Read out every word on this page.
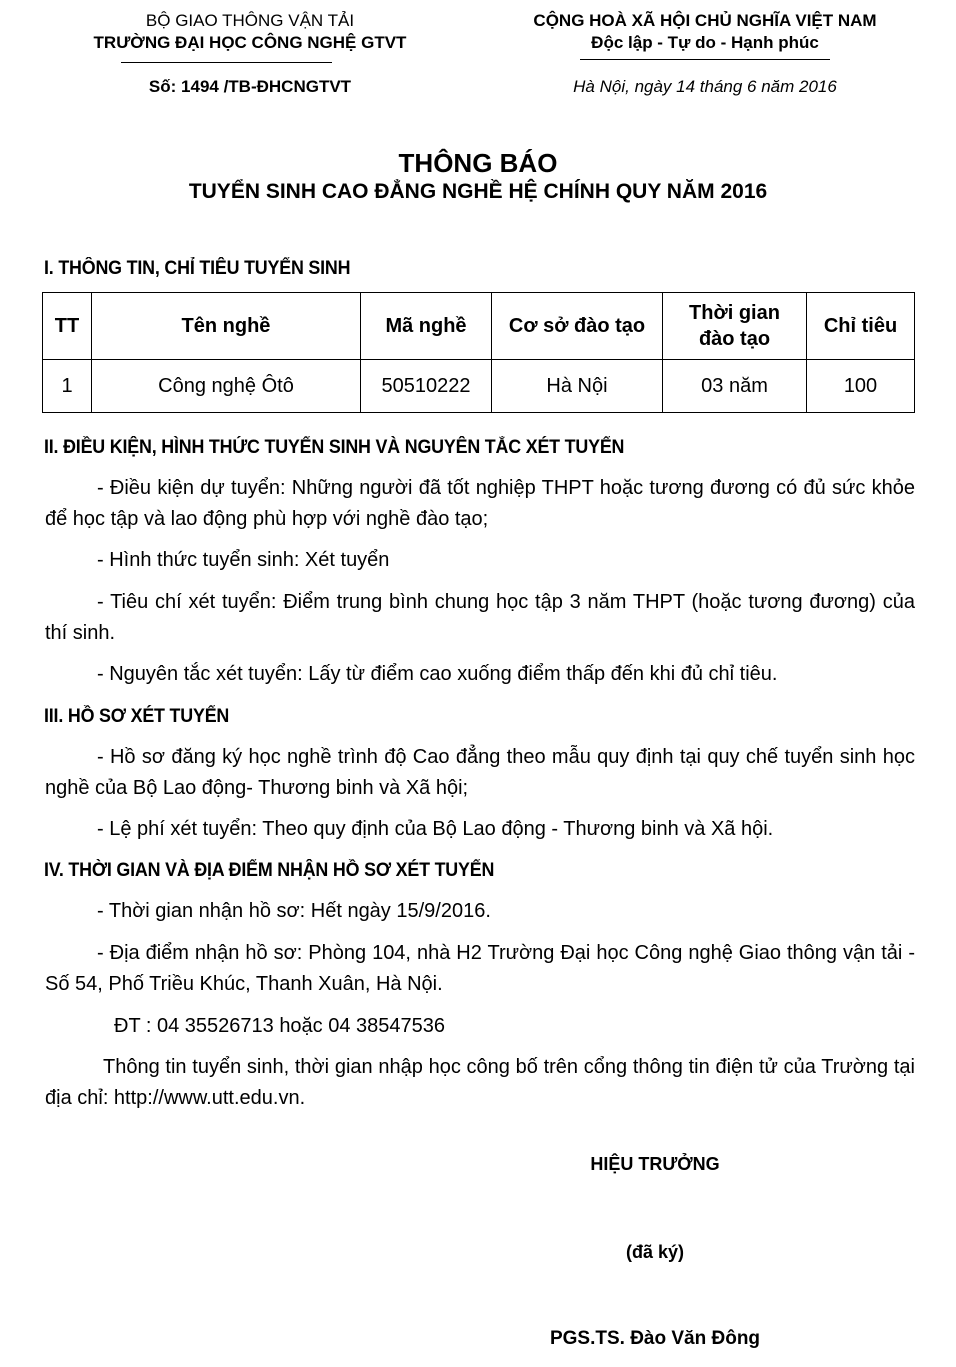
BỘ GIAO THÔNG VẬN TẢI
TRƯỜNG ĐẠI HỌC CÔNG NGHỆ GTVT
Số: 1494 /TB-ĐHCNGTVT
CỘNG HOÀ XÃ HỘI CHỦ NGHĨA VIỆT NAM
Độc lập - Tự do - Hạnh phúc
Hà Nội, ngày 14 tháng 6 năm 2016
THÔNG BÁO
TUYỂN SINH CAO ĐẲNG NGHỀ HỆ CHÍNH QUY NĂM 2016
I. THÔNG TIN, CHỈ TIÊU TUYỂN SINH
TT	Tên nghề	Mã nghề	Cơ sở đào tạo	Thời gian đào tạo	Chỉ tiêu
1	Công nghệ Ôtô	50510222	Hà Nội	03 năm	100
II. ĐIỀU KIỆN, HÌNH THỨC TUYỂN SINH VÀ NGUYÊN TẮC XÉT TUYỂN
- Điều kiện dự tuyển: Những người đã tốt nghiệp THPT hoặc tương đương có đủ sức khỏe để học tập và lao động phù hợp với nghề đào tạo;
- Hình thức tuyển sinh: Xét tuyển
- Tiêu chí xét tuyển: Điểm trung bình chung học tập 3 năm THPT (hoặc tương đương) của thí sinh.
- Nguyên tắc xét tuyển: Lấy từ điểm cao xuống điểm thấp đến khi đủ chỉ tiêu.
III. HỒ SƠ XÉT TUYỂN
- Hồ sơ đăng ký học nghề trình độ Cao đẳng theo mẫu quy định tại quy chế tuyển sinh học nghề của Bộ Lao động- Thương binh và Xã hội;
- Lệ phí xét tuyển: Theo quy định của Bộ Lao động - Thương binh và Xã hội.
IV. THỜI GIAN VÀ ĐỊA ĐIỂM NHẬN HỒ SƠ XÉT TUYỂN
- Thời gian nhận hồ sơ: Hết ngày 15/9/2016.
- Địa điểm nhận hồ sơ: Phòng 104, nhà H2 Trường Đại học Công nghệ Giao thông vận tải - Số 54, Phố Triều Khúc, Thanh Xuân, Hà Nội.
ĐT : 04 35526713 hoặc 04 38547536
Thông tin tuyển sinh, thời gian nhập học công bố trên cổng thông tin điện tử của Trường tại địa chỉ: http://www.utt.edu.vn.
HIỆU TRƯỞNG
(đã ký)
PGS.TS. Đào Văn Đông
